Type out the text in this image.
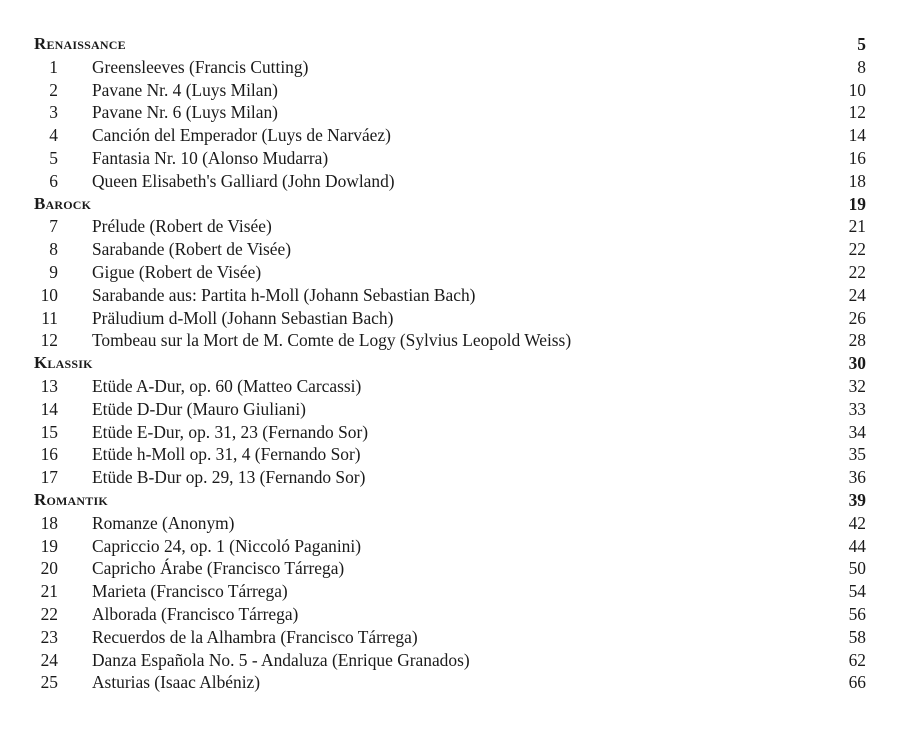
Renaissance	5
1 Greensleeves (Francis Cutting)	8
2 Pavane Nr. 4 (Luys Milan)	10
3 Pavane Nr. 6 (Luys Milan)	12
4 Canción del Emperador (Luys de Narváez)	14
5 Fantasia Nr. 10 (Alonso Mudarra)	16
6 Queen Elisabeth's Galliard (John Dowland)	18
Barock	19
7 Prélude (Robert de Visée)	21
8 Sarabande (Robert de Visée)	22
9 Gigue (Robert de Visée)	22
10 Sarabande aus: Partita h-Moll (Johann Sebastian Bach)	24
11 Präludium d-Moll (Johann Sebastian Bach)	26
12 Tombeau sur la Mort de M. Comte de Logy (Sylvius Leopold Weiss)	28
Klassik	30
13 Etüde A-Dur, op. 60 (Matteo Carcassi)	32
14 Etüde D-Dur (Mauro Giuliani)	33
15 Etüde E-Dur, op. 31, 23 (Fernando Sor)	34
16 Etüde h-Moll op. 31, 4 (Fernando Sor)	35
17 Etüde B-Dur op. 29, 13 (Fernando Sor)	36
Romantik	39
18 Romanze (Anonym)	42
19 Capriccio 24, op. 1 (Niccoló Paganini)	44
20 Capricho Árabe (Francisco Tárrega)	50
21 Marieta (Francisco Tárrega)	54
22 Alborada (Francisco Tárrega)	56
23 Recuerdos de la Alhambra (Francisco Tárrega)	58
24 Danza Española No. 5 - Andaluza (Enrique Granados)	62
25 Asturias (Isaac Albéniz)	66
